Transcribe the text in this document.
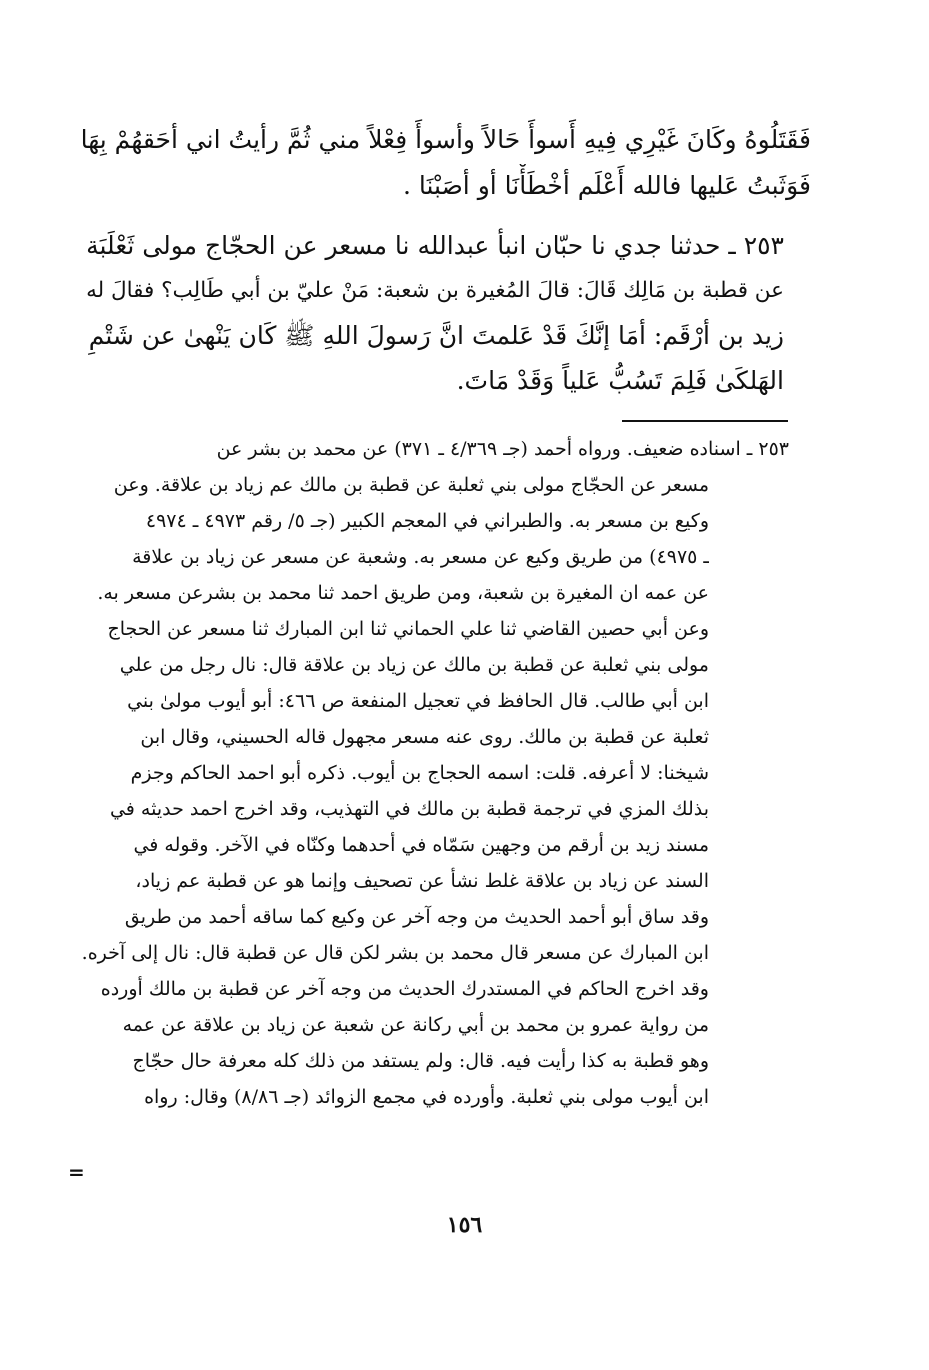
فَقَتَلُوهُ وكَانَ غَيْرِي فِيهِ أَسوأَ حَالاً وأسوأَ فِعْلاً مني ثُمَّ رأيتُ اني أحَقهُمْ بِهَا
فَوَثَبتُ عَليها فالله أَعْلَم أخْطَأْنَا أو أصَبْنَا .
٢٥٣ ـ حدثنا جدي نا حبّان انبأ عبدالله نا مسعر عن الحجّاج مولى ثَعْلَبَة
عن قطبة بن مَالِك قَالَ: قالَ المُغيرة بن شعبة: مَنْ عليّ بن أبي طَالِب؟ فقالَ له
زيد بن أرْقَم: أمَا إنَّكَ قَدْ عَلمتَ انَّ رَسولَ اللهِ ﷺ كَان يَنْهىٰ عن شَتْمِ
الهَلكَىٰ فَلِمَ تَسُبُّ عَلياً وَقَدْ مَاتَ.
٢٥٣ ـ اسناده ضعيف. ورواه أحمد (جـ ٤/٣٦٩ ـ ٣٧١) عن محمد بن بشر عن
مسعر عن الحجّاج مولى بني ثعلبة عن قطبة بن مالك عم زياد بن علاقة. وعن
وكيع بن مسعر به. والطبراني في المعجم الكبير (جـ ٥/ رقم ٤٩٧٣ ـ ٤٩٧٤
ـ ٤٩٧٥) من طريق وكيع عن مسعر به. وشعبة عن مسعر عن زياد بن علاقة
عن عمه ان المغيرة بن شعبة، ومن طريق احمد ثنا محمد بن بشرعن مسعر به.
وعن أبي حصين القاضي ثنا علي الحماني ثنا ابن المبارك ثنا مسعر عن الحجاج
مولى بني ثعلبة عن قطبة بن مالك عن زياد بن علاقة قال: نال رجل من علي
ابن أبي طالب. قال الحافظ في تعجيل المنفعة ص ٤٦٦: أبو أيوب مولىٰ بني
ثعلبة عن قطبة بن مالك. روى عنه مسعر مجهول قاله الحسيني، وقال ابن
شيخنا: لا أعرفه. قلت: اسمه الحجاج بن أيوب. ذكره أبو احمد الحاكم وجزم
بذلك المزي في ترجمة قطبة بن مالك في التهذيب، وقد اخرج احمد حديثه في
مسند زيد بن أرقم من وجهين سَمّاه في أحدهما وكنّاه في الآخر. وقوله في
السند عن زياد بن علاقة غلط نشأ عن تصحيف وإنما هو عن قطبة عم زياد،
وقد ساق أبو أحمد الحديث من وجه آخر عن وكيع كما ساقه أحمد من طريق
ابن المبارك عن مسعر قال محمد بن بشر لكن قال عن قطبة قال: نال إلى آخره.
وقد اخرج الحاكم في المستدرك الحديث من وجه آخر عن قطبة بن مالك أورده
من رواية عمرو بن محمد بن أبي ركانة عن شعبة عن زياد بن علاقة عن عمه
وهو قطبة به كذا رأيت فيه. قال: ولم يستفد من ذلك كله معرفة حال حجّاج
ابن أيوب مولى بني ثعلبة. وأورده في مجمع الزوائد (جـ ٨/٨٦) وقال: رواه
=
١٥٦
